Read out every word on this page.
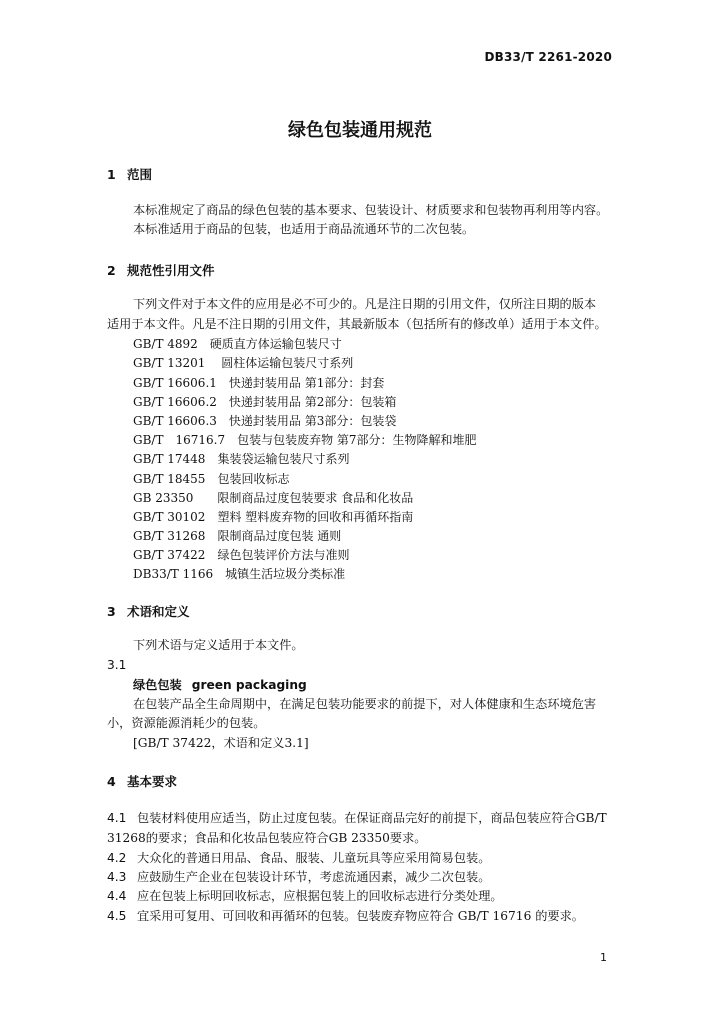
DB33/T 2261-2020
绿色包装通用规范
1 范围
本标准规定了商品的绿色包装的基本要求、包装设计、材质要求和包装物再利用等内容。
本标准适用于商品的包装，也适用于商品流通环节的二次包装。
2 规范性引用文件
下列文件对于本文件的应用是必不可少的。凡是注日期的引用文件，仅所注日期的版本
适用于本文件。凡是不注日期的引用文件，其最新版本（包括所有的修改单）适用于本文件。
GB/T 4892　硬质直方体运输包装尺寸
GB/T 13201　 圆柱体运输包装尺寸系列
GB/T 16606.1　快递封装用品 第1部分：封套
GB/T 16606.2　快递封装用品 第2部分：包装箱
GB/T 16606.3　快递封装用品 第3部分：包装袋
GB/T　16716.7　包装与包装废弃物 第7部分：生物降解和堆肥
GB/T 17448　集装袋运输包装尺寸系列
GB/T 18455　包装回收标志
GB 23350　　限制商品过度包装要求 食品和化妆品
GB/T 30102　塑料 塑料废弃物的回收和再循环指南
GB/T 31268　限制商品过度包装 通则
GB/T 37422　绿色包装评价方法与准则
DB33/T 1166　城镇生活垃圾分类标准
3 术语和定义
下列术语与定义适用于本文件。
3.1
绿色包装 green packaging
在包装产品全生命周期中，在满足包装功能要求的前提下，对人体健康和生态环境危害
小，资源能源消耗少的包装。
[GB/T 37422，术语和定义3.1]
4 基本要求
4.1 包装材料使用应适当，防止过度包装。在保证商品完好的前提下，商品包装应符合GB/T
31268的要求；食品和化妆品包装应符合GB 23350要求。
4.2 大众化的普通日用品、食品、服装、儿童玩具等应采用简易包装。
4.3 应鼓励生产企业在包装设计环节，考虑流通因素，减少二次包装。
4.4 应在包装上标明回收标志，应根据包装上的回收标志进行分类处理。
4.5 宜采用可复用、可回收和再循环的包装。包装废弃物应符合 GB/T 16716 的要求。
1
